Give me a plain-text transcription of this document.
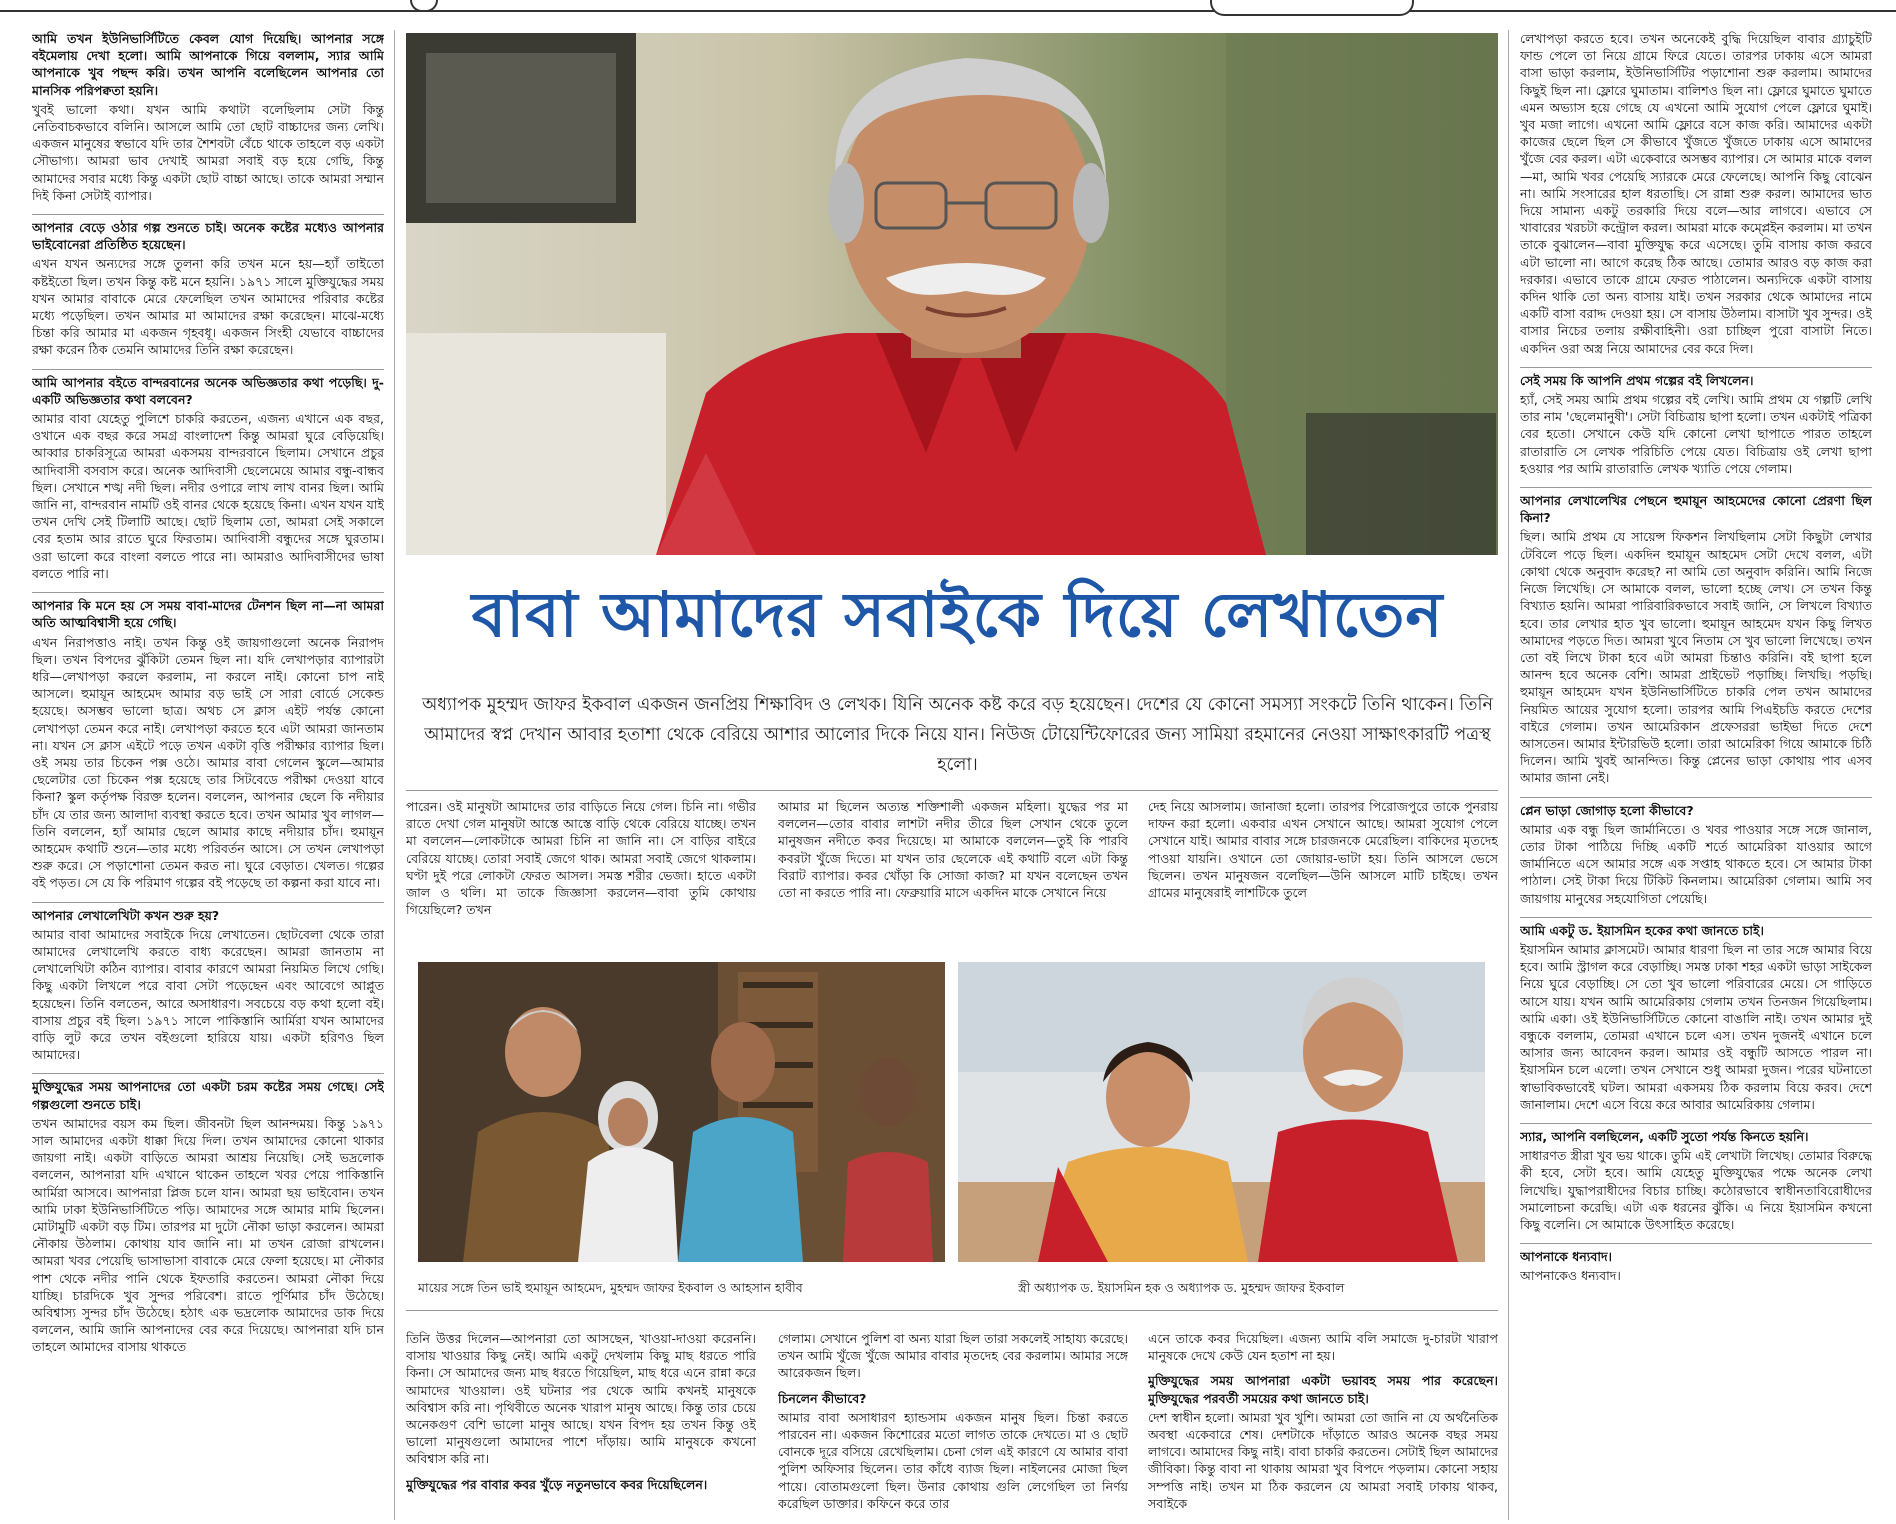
আমি তখন ইউনিভার্সিটিতে কেবল যোগ দিয়েছি। আপনার সঙ্গে বইমেলায় দেখা হলো। আমি আপনাকে গিয়ে বললাম, স্যার আমি আপনাকে খুব পছন্দ করি। তখন আপনি বলেছিলেন আপনার তো মানসিক পরিপক্বতা হয়নি।

খুবই ভালো কথা। যখন আমি কথাটা বলেছিলাম সেটা কিন্তু নেতিবাচকভাবে বলিনি। আসলে আমি তো ছোট বাচ্চাদের জন্য লেখি। একজন মানুষের স্বভাবে যদি তার শৈশবটা বেঁচে থাকে তাহলে বড় একটা সৌভাগ্য। আমরা ভাব দেখাই আমরা সবাই বড় হয়ে গেছি, কিন্তু আমাদের সবার মধ্যে কিন্তু একটা ছোট বাচ্চা আছে। তাকে আমরা সম্মান দিই কিনা সেটাই ব্যাপার।

আপনার বেড়ে ওঠার গল্প শুনতে চাই। অনেক কষ্টের মধ্যেও আপনার ভাইবোনেরা প্রতিষ্ঠিত হয়েছেন।

এখন যখন অন্যদের সঙ্গে তুলনা করি তখন মনে হয়—হ্যাঁ তাইতো কষ্টইতো ছিল। তখন কিন্তু কষ্ট মনে হয়নি। ১৯৭১ সালে মুক্তিযুদ্ধের সময় যখন আমার বাবাকে মেরে ফেলেছিল তখন আমাদের পরিবার কষ্টের মধ্যে পড়েছিল। তখন আমার মা আমাদের রক্ষা করেছেন। মাঝে-মধ্যে চিন্তা করি আমার মা একজন গৃহবধূ। একজন সিংহী যেভাবে বাচ্চাদের রক্ষা করেন ঠিক তেমনি আমাদের তিনি রক্ষা করেছেন।

আমি আপনার বইতে বান্দরবানের অনেক অভিজ্ঞতার কথা পড়েছি। দু-একটি অভিজ্ঞতার কথা বলবেন?

আমার বাবা যেহেতু পুলিশে চাকরি করতেন, এজন্য এখানে এক বছর, ওখানে এক বছর করে সমগ্র বাংলাদেশ কিন্তু আমরা ঘুরে বেড়িয়েছি। আব্বার চাকরিসূত্রে আমরা একসময় বান্দরবানে ছিলাম। সেখানে প্রচুর আদিবাসী বসবাস করে। অনেক আদিবাসী ছেলেমেয়ে আমার বন্ধু-বান্ধব ছিল। সেখানে শঙ্খ নদী ছিল। নদীর ওপারে লাখ লাখ বানর ছিল। আমি জানি না, বান্দরবান নামটি ওই বানর থেকে হয়েছে কিনা। এখন যখন যাই তখন দেখি সেই টিলাটি আছে। ছোট ছিলাম তো, আমরা সেই সকালে বের হতাম আর রাতে ঘুরে ফিরতাম। আদিবাসী বন্ধুদের সঙ্গে ঘুরতাম। ওরা ভালো করে বাংলা বলতে পারে না। আমরাও আদিবাসীদের ভাষা বলতে পারি না।

আপনার কি মনে হয় সে সময় বাবা-মাদের টেনশন ছিল না—না আমরা অতি আত্মবিশ্বাসী হয়ে গেছি।

এখন নিরাপত্তাও নাই। তখন কিন্তু ওই জায়গাগুলো অনেক নিরাপদ ছিল। তখন বিপদের ঝুঁকিটা তেমন ছিল না। যদি লেখাপড়ার ব্যাপারটা ধরি—লেখাপড়া করলে করলাম, না করলে নাই। কোনো চাপ নাই আসলে। হুমায়ূন আহমেদ আমার বড় ভাই সে সারা বোর্ডে সেকেন্ড হয়েছে। অসম্ভব ভালো ছাত্র। অথচ সে ক্লাস এইট পর্যন্ত কোনো লেখাপড়া তেমন করে নাই। লেখাপড়া করতে হবে এটা আমরা জানতাম না। যখন সে ক্লাস এইটে পড়ে তখন একটা বৃত্তি পরীক্ষার ব্যাপার ছিল। ওই সময় তার চিকেন পক্স ওঠে। আমার বাবা গেলেন স্কুলে—আমার ছেলেটার তো চিকেন পক্স হয়েছে তার সিটবেডে পরীক্ষা দেওয়া যাবে কিনা? স্কুল কর্তৃপক্ষ বিরক্ত হলেন। বললেন, আপনার ছেলে কি নদীয়ার চাঁদ যে তার জন্য আলাদা ব্যবস্থা করতে হবে। তখন আমার খুব লাগল—তিনি বললেন, হ্যাঁ আমার ছেলে আমার কাছে নদীয়ার চাঁদ। হুমায়ূন আহমেদ কথাটি শুনে—তার মধ্যে পরিবর্তন আসে। সে তখন লেখাপড়া শুরু করে। সে পড়াশোনা তেমন করত না। ঘুরে বেড়াত। খেলত। গল্পের বই পড়ত। সে যে কি পরিমাণ গল্পের বই পড়েছে তা কল্পনা করা যাবে না।

আপনার লেখালেখিটা কখন শুরু হয়?

আমার বাবা আমাদের সবাইকে দিয়ে লেখাতেন। ছোটবেলা থেকে তারা আমাদের লেখালেখি করতে বাধ্য করেছেন। আমরা জানতাম না লেখালেখিটা কঠিন ব্যাপার। বাবার কারণে আমরা নিয়মিত লিখে গেছি। কিছু একটা লিখলে পরে বাবা সেটা পড়েছেন এবং আবেগে আপ্লুত হয়েছেন। তিনি বলতেন, আরে অসাধারণ। সবচেয়ে বড় কথা হলো বই। বাসায় প্রচুর বই ছিল। ১৯৭১ সালে পাকিস্তানি আর্মিরা যখন আমাদের বাড়ি লুট করে তখন বইগুলো হারিয়ে যায়। একটা হরিণও ছিল আমাদের।

মুক্তিযুদ্ধের সময় আপনাদের তো একটা চরম কষ্টের সময় গেছে। সেই গল্পগুলো শুনতে চাই।

তখন আমাদের বয়স কম ছিল। জীবনটা ছিল আনন্দময়। কিন্তু ১৯৭১ সাল আমাদের একটা ধাক্কা দিয়ে দিল। তখন আমাদের কোনো থাকার জায়গা নাই। একটা বাড়িতে আমরা আশ্রয় নিয়েছি। সেই ভদ্রলোক বললেন, আপনারা যদি এখানে থাকেন তাহলে খবর পেয়ে পাকিস্তানি আর্মিরা আসবে। আপনারা প্লিজ চলে যান। আমরা ছয় ভাইবোন। তখন আমি ঢাকা ইউনিভার্সিটিতে পড়ি। আমাদের সঙ্গে আমার মামি ছিলেন। মোটামুটি একটা বড় টিম। তারপর মা দুটো নৌকা ভাড়া করলেন। আমরা নৌকায় উঠলাম। কোথায় যাব জানি না। মা তখন রোজা রাখলেন। আমরা খবর পেয়েছি ভাসাভাসা বাবাকে মেরে ফেলা হয়েছে। মা নৌকার পাশ থেকে নদীর পানি থেকে ইফতারি করতেন। আমরা নৌকা দিয়ে যাচ্ছি। চারদিকে খুব সুন্দর পরিবেশ। রাতে পূর্ণিমার চাঁদ উঠেছে। অবিশ্বাস্য সুন্দর চাঁদ উঠেছে। হঠাৎ এক ভদ্রলোক আমাদের ডাক দিয়ে বললেন, আমি জানি আপনাদের বের করে দিয়েছে। আপনারা যদি চান তাহলে আমাদের বাসায় থাকতে

বাবা আমাদের সবাইকে দিয়ে লেখাতেন
অধ্যাপক মুহম্মদ জাফর ইকবাল একজন জনপ্রিয় শিক্ষাবিদ ও লেখক। যিনি অনেক কষ্ট করে বড় হয়েছেন। দেশের যে কোনো সমস্যা সংকটে তিনি থাকেন। তিনি আমাদের স্বপ্ন দেখান আবার হতাশা থেকে বেরিয়ে আশার আলোর দিকে নিয়ে যান। নিউজ টোয়েন্টিফোরের জন্য সামিয়া রহমানের নেওয়া সাক্ষাৎকারটি পত্রস্থ হলো।
পারেন। ওই মানুষটা আমাদের তার বাড়িতে নিয়ে গেল। চিনি না। গভীর রাতে দেখা গেল মানুষটা আস্তে আস্তে বাড়ি থেকে বেরিয়ে যাচ্ছে। তখন মা বললেন—লোকটাকে আমরা চিনি না জানি না। সে বাড়ির বাইরে বেরিয়ে যাচ্ছে। তোরা সবাই জেগে থাক। আমরা সবাই জেগে থাকলাম। ঘণ্টা দুই পরে লোকটা ফেরত আসল। সমস্ত শরীর ভেজা। হাতে একটা জাল ও থলি। মা তাকে জিজ্ঞাসা করলেন—বাবা তুমি কোথায় গিয়েছিলে? তখন
আমার মা ছিলেন অত্যন্ত শক্তিশালী একজন মহিলা। যুদ্ধের পর মা বললেন—তোর বাবার লাশটা নদীর তীরে ছিল সেখান থেকে তুলে মানুষজন নদীতে কবর দিয়েছে। মা আমাকে বললেন—তুই কি পারবি কবরটা খুঁজে দিতে। মা যখন তার ছেলেকে এই কথাটি বলে এটা কিন্তু বিরাট ব্যাপার। কবর খোঁড়া কি সোজা কাজ? মা যখন বলেছেন তখন তো না করতে পারি না। ফেব্রুয়ারি মাসে একদিন মাকে সেখানে নিয়ে
দেহ নিয়ে আসলাম। জানাজা হলো। তারপর পিরোজপুরে তাকে পুনরায় দাফন করা হলো। একবার এখন সেখানে আছে। আমরা সুযোগ পেলে সেখানে যাই। আমার বাবার সঙ্গে চারজনকে মেরেছিল। বাকিদের মৃতদেহ পাওয়া যায়নি। ওখানে তো জোয়ার-ভাটা হয়। তিনি আসলে ভেসে ছিলেন। তখন মানুষজন বলেছিল—উনি আসলে মাটি চাইছে। তখন গ্রামের মানুষেরাই লাশটিকে তুলে
মায়ের সঙ্গে তিন ভাই হুমায়ূন আহমেদ, মুহম্মদ জাফর ইকবাল ও আহসান হাবীব	স্ত্রী অধ্যাপক ড. ইয়াসমিন হক ও অধ্যাপক ড. মুহম্মদ জাফর ইকবাল

তিনি উত্তর দিলেন—আপনারা তো আসছেন, খাওয়া-দাওয়া করেননি। বাসায় খাওয়ার কিছু নেই। আমি একটু দেখলাম কিছু মাছ ধরতে পারি কিনা। সে আমাদের জন্য মাছ ধরতে গিয়েছিল, মাছ ধরে এনে রান্না করে আমাদের খাওয়াল। ওই ঘটনার পর থেকে আমি কখনই মানুষকে অবিশ্বাস করি না। পৃথিবীতে অনেক খারাপ মানুষ আছে। কিন্তু তার চেয়ে অনেকগুণ বেশি ভালো মানুষ আছে। যখন বিপদ হয় তখন কিন্তু ওই ভালো মানুষগুলো আমাদের পাশে দাঁড়ায়। আমি মানুষকে কখনো অবিশ্বাস করি না।

মুক্তিযুদ্ধের পর বাবার কবর খুঁড়ে নতুনভাবে কবর দিয়েছিলেন।

গেলাম। সেখানে পুলিশ বা অন্য যারা ছিল তারা সকলেই সাহায্য করেছে। তখন আমি খুঁজে খুঁজে আমার বাবার মৃতদেহ বের করলাম। আমার সঙ্গে আরেকজন ছিল।

চিনলেন কীভাবে?

আমার বাবা অসাধারণ হ্যান্ডসাম একজন মানুষ ছিল। চিন্তা করতে পারবেন না। একজন কিশোরের মতো লাগত তাকে দেখতে। মা ও ছোট বোনকে দূরে বসিয়ে রেখেছিলাম। চেনা গেল এই কারণে যে আমার বাবা পুলিশ অফিসার ছিলেন। তার কাঁধে ব্যাজ ছিল। নাইলনের মোজা ছিল পায়ে। বোতামগুলো ছিল। উনার কোথায় গুলি লেগেছিল তা নির্ণয় করেছিল ডাক্তার। কফিনে করে তার

এনে তাকে কবর দিয়েছিল। এজন্য আমি বলি সমাজে দু-চারটা খারাপ মানুষকে দেখে কেউ যেন হতাশ না হয়।

মুক্তিযুদ্ধের সময় আপনারা একটা ভয়াবহ সময় পার করেছেন। মুক্তিযুদ্ধের পরবর্তী সময়ের কথা জানতে চাই।

দেশ স্বাধীন হলো। আমরা খুব খুশি। আমরা তো জানি না যে অর্থনৈতিক অবস্থা একেবারে শেষ। দেশটাকে দাঁড়াতে আরও অনেক বছর সময় লাগবে। আমাদের কিছু নাই। বাবা চাকরি করতেন। সেটাই ছিল আমাদের জীবিকা। কিন্তু বাবা না থাকায় আমরা খুব বিপদে পড়লাম। কোনো সহায় সম্পত্তি নাই। তখন মা ঠিক করলেন যে আমরা সবাই ঢাকায় থাকব, সবাইকে

লেখাপড়া করতে হবে। তখন অনেকেই বুদ্ধি দিয়েছিল বাবার গ্র্যাচুইটি ফান্ড পেলে তা নিয়ে গ্রামে ফিরে যেতে। তারপর ঢাকায় এসে আমরা বাসা ভাড়া করলাম, ইউনিভার্সিটির পড়াশোনা শুরু করলাম। আমাদের কিছুই ছিল না। ফ্লোরে ঘুমাতাম। বালিশও ছিল না। ফ্লোরে ঘুমাতে ঘুমাতে এমন অভ্যাস হয়ে গেছে যে এখনো আমি সুযোগ পেলে ফ্লোরে ঘুমাই। খুব মজা লাগে। এখনো আমি ফ্লোরে বসে কাজ করি। আমাদের একটা কাজের ছেলে ছিল সে কীভাবে খুঁজতে খুঁজতে ঢাকায় এসে আমাদের খুঁজে বের করল। এটা একেবারে অসম্ভব ব্যাপার। সে আমার মাকে বলল—মা, আমি খবর পেয়েছি স্যারকে মেরে ফেলেছে। আপনি কিছু বোঝেন না। আমি সংসারের হাল ধরতাছি। সে রান্না শুরু করল। আমাদের ভাত দিয়ে সামান্য একটু তরকারি দিয়ে বলে—আর লাগবে। এভাবে সে খাবারের খরচটা কন্ট্রোল করল। আমরা মাকে কম্প্লেইন করলাম। মা তখন তাকে বুঝালেন—বাবা মুক্তিযুদ্ধ করে এসেছে। তুমি বাসায় কাজ করবে এটা ভালো না। আগে করেছ ঠিক আছে। তোমার আরও বড় কাজ করা দরকার। এভাবে তাকে গ্রামে ফেরত পাঠালেন। অন্যদিকে একটা বাসায় কদিন থাকি তো অন্য বাসায় যাই। তখন সরকার থেকে আমাদের নামে একটি বাসা বরাদ্দ দেওয়া হয়। সে বাসায় উঠলাম। বাসাটা খুব সুন্দর। ওই বাসার নিচের তলায় রক্ষীবাহিনী। ওরা চাচ্ছিল পুরো বাসাটা নিতে। একদিন ওরা অস্ত্র নিয়ে আমাদের বের করে দিল।

সেই সময় কি আপনি প্রথম গল্পের বই লিখলেন।

হ্যাঁ, সেই সময় আমি প্রথম গল্পের বই লেখি। আমি প্রথম যে গল্পটি লেখি তার নাম 'ছেলেমানুষী'। সেটা বিচিত্রায় ছাপা হলো। তখন একটাই পত্রিকা বের হতো। সেখানে কেউ যদি কোনো লেখা ছাপাতে পারত তাহলে রাতারাতি সে লেখক পরিচিতি পেয়ে যেত। বিচিত্রায় ওই লেখা ছাপা হওয়ার পর আমি রাতারাতি লেখক খ্যাতি পেয়ে গেলাম।

আপনার লেখালেখির পেছনে হুমায়ূন আহমেদের কোনো প্রেরণা ছিল কিনা?

ছিল। আমি প্রথম যে সায়েন্স ফিকশন লিখছিলাম সেটা কিছুটা লেখার টেবিলে পড়ে ছিল। একদিন হুমায়ূন আহমেদ সেটা দেখে বলল, এটা কোথা থেকে অনুবাদ করেছ? না আমি তো অনুবাদ করিনি। আমি নিজে নিজে লিখেছি। সে আমাকে বলল, ভালো হচ্ছে লেখ। সে তখন কিন্তু বিখ্যাত হয়নি। আমরা পারিবারিকভাবে সবাই জানি, সে লিখলে বিখ্যাত হবে। তার লেখার হাত খুব ভালো। হুমায়ূন আহমেদ যখন কিছু লিখত আমাদের পড়তে দিত। আমরা খুবে নিতাম সে খুব ভালো লিখেছে। তখন তো বই লিখে টাকা হবে এটা আমরা চিন্তাও করিনি। বই ছাপা হলে আনন্দ হবে অনেক বেশি। আমরা প্রাইভেট পড়াচ্ছি। লিখছি। পড়ছি। হুমায়ূন আহমেদ যখন ইউনিভার্সিটিতে চাকরি পেল তখন আমাদের নিয়মিত আয়ের সুযোগ হলো। তারপর আমি পিএইচডি করতে দেশের বাইরে গেলাম। তখন আমেরিকান প্রফেসররা ভাইভা দিতে দেশে আসতেন। আমার ইন্টারভিউ হলো। তারা আমেরিকা গিয়ে আমাকে চিঠি দিলেন। আমি খুবই আনন্দিত। কিন্তু প্লেনের ভাড়া কোথায় পাব এসব আমার জানা নেই।

প্লেন ভাড়া জোগাড় হলো কীভাবে?

আমার এক বন্ধু ছিল জার্মানিতে। ও খবর পাওয়ার সঙ্গে সঙ্গে জানাল, তোর টাকা পাঠিয়ে দিচ্ছি একটি শর্তে আমেরিকা যাওয়ার আগে জার্মানিতে এসে আমার সঙ্গে এক সপ্তাহ থাকতে হবে। সে আমার টাকা পাঠাল। সেই টাকা দিয়ে টিকিট কিনলাম। আমেরিকা গেলাম। আমি সব জায়গায় মানুষের সহযোগিতা পেয়েছি।

আমি একটু ড. ইয়াসমিন হকের কথা জানতে চাই।

ইয়াসমিন আমার ক্লাসমেট। আমার ধারণা ছিল না তার সঙ্গে আমার বিয়ে হবে। আমি স্ট্রাগল করে বেড়াচ্ছি। সমস্ত ঢাকা শহর একটা ভাড়া সাইকেল নিয়ে ঘুরে বেড়াচ্ছি। সে তো খুব ভালো পরিবারের মেয়ে। সে গাড়িতে আসে যায়। যখন আমি আমেরিকায় গেলাম তখন তিনজন গিয়েছিলাম। আমি একা। ওই ইউনিভার্সিটিতে কোনো বাঙালি নাই। তখন আমার দুই বন্ধুকে বললাম, তোমরা এখানে চলে এস। তখন দুজনই এখানে চলে আসার জন্য আবেদন করল। আমার ওই বন্ধুটি আসতে পারল না। ইয়াসমিন চলে এলো। তখন সেখানে শুধু আমরা দুজন। পরের ঘটনাতো স্বাভাবিকভাবেই ঘটল। আমরা একসময় ঠিক করলাম বিয়ে করব। দেশে জানালাম। দেশে এসে বিয়ে করে আবার আমেরিকায় গেলাম।

স্যার, আপনি বলছিলেন, একটি সুতো পর্যন্ত কিনতে হয়নি।

সাধারণত স্ত্রীরা খুব ভয় থাকে। তুমি এই লেখাটা লিখেছ। তোমার বিরুদ্ধে কী হবে, সেটা হবে। আমি যেহেতু মুক্তিযুদ্ধের পক্ষে অনেক লেখা লিখেছি। যুদ্ধাপরাধীদের বিচার চাচ্ছি। কঠোরভাবে স্বাধীনতাবিরোধীদের সমালোচনা করেছি। এটা এক ধরনের ঝুঁকি। এ নিয়ে ইয়াসমিন কখনো কিছু বলেনি। সে আমাকে উৎসাহিত করেছে।

আপনাকে ধন্যবাদ।

আপনাকেও ধন্যবাদ।
